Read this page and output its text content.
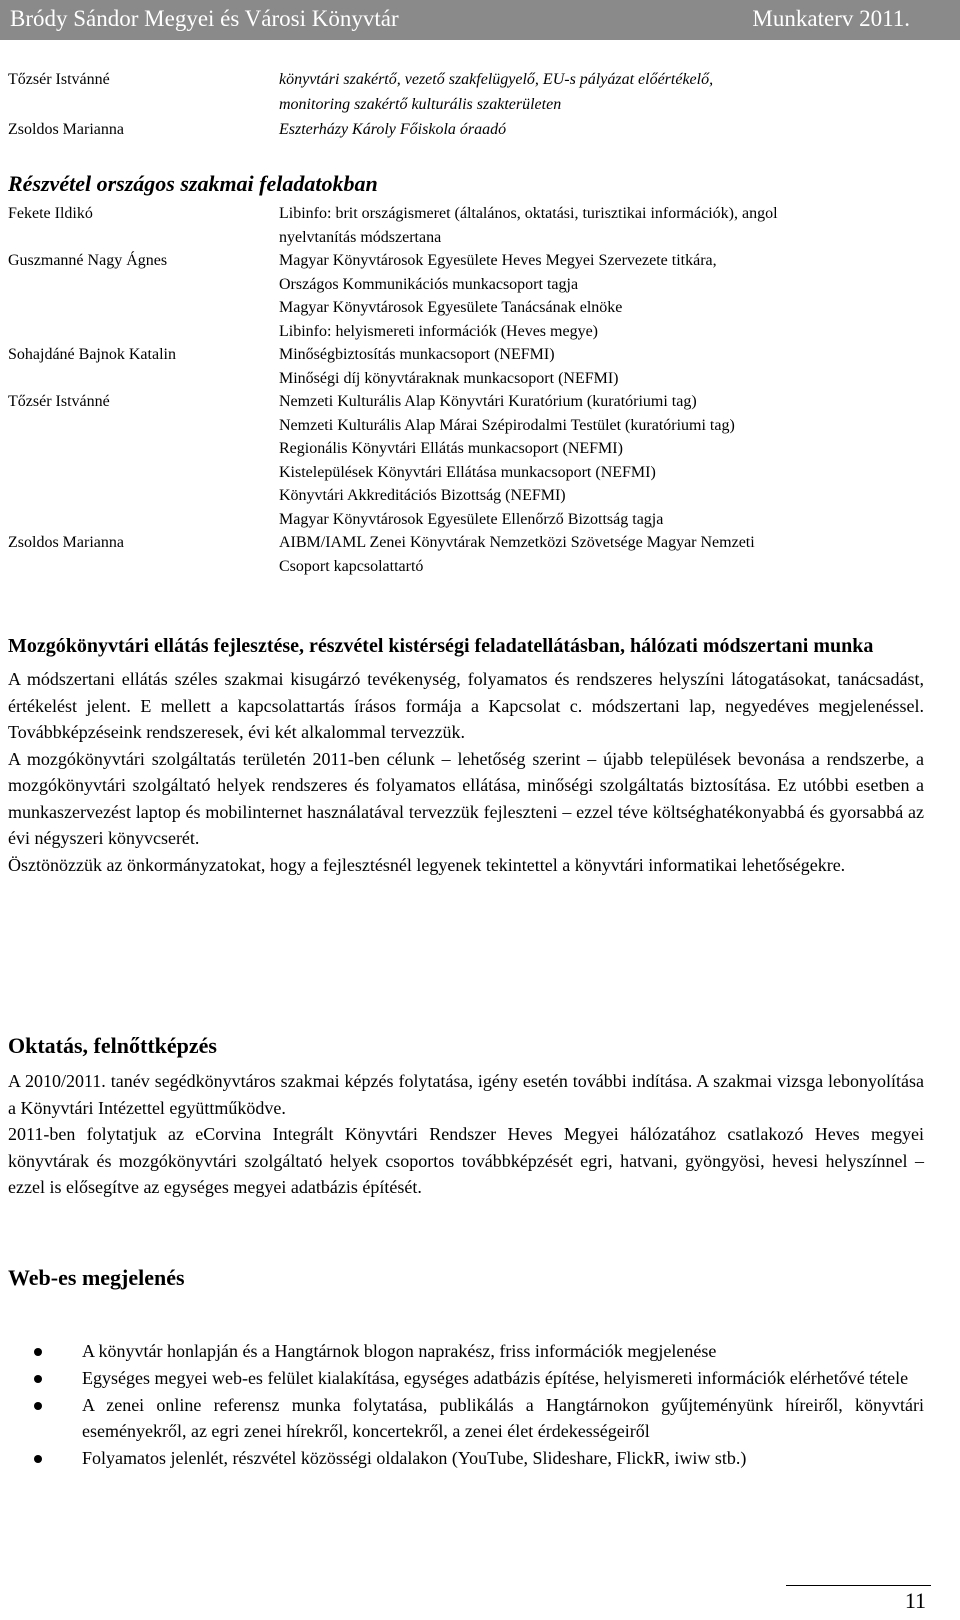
Bródy Sándor Megyei és Városi Könyvtár	Munkaterv 2011.
Tőzsér Istvánné
Zsoldos Marianna
könyvtári szakértő, vezető szakfelügyelő, EU-s pályázat előértékelő,
monitoring szakértő kulturális szakterületen
Eszterházy Károly Főiskola óraadó
Részvétel országos szakmai feladatokban
Fekete Ildikó
Guszmanné Nagy Ágnes
Sohajdáné Bajnok Katalin
Tőzsér Istvánné
Zsoldos Marianna
Libinfo: brit országismeret (általános, oktatási, turisztikai információk), angol
nyelvtanítás módszertana
Magyar Könyvtárosok Egyesülete Heves Megyei Szervezete titkára,
Országos Kommunikációs munkacsoport tagja
Magyar Könyvtárosok Egyesülete Tanácsának elnöke
Libinfo: helyismereti információk (Heves megye)
Minőségbiztosítás munkacsoport (NEFMI)
Minőségi díj könyvtáraknak munkacsoport (NEFMI)
Nemzeti Kulturális Alap Könyvtári Kuratórium (kuratóriumi tag)
Nemzeti Kulturális Alap Márai Szépirodalmi Testület (kuratóriumi tag)
Regionális Könyvtári Ellátás munkacsoport (NEFMI)
Kistelepülések Könyvtári Ellátása munkacsoport (NEFMI)
Könyvtári Akkreditációs Bizottság (NEFMI)
Magyar Könyvtárosok Egyesülete Ellenőrző Bizottság tagja
AIBM/IAML Zenei Könyvtárak Nemzetközi Szövetsége Magyar Nemzeti
Csoport kapcsolattartó

Mozgókönyvtári ellátás fejlesztése, részvétel kistérségi feladatellátásban, hálózati módszertani munka

A módszertani ellátás széles szakmai kisugárzó tevékenység, folyamatos és rendszeres helyszíni látogatásokat, tanácsadást, értékelést jelent. E mellett a kapcsolattartás írásos formája a Kapcsolat c. módszertani lap, negyedéves megjelenéssel. Továbbképzéseink rendszeresek, évi két alkalommal tervezzük.

A mozgókönyvtári szolgáltatás területén 2011-ben célunk – lehetőség szerint – újabb települések bevonása a rendszerbe, a mozgókönyvtári szolgáltató helyek rendszeres és folyamatos ellátása, minőségi szolgáltatás biztosítása. Ez utóbbi esetben a munkaszervezést laptop és mobilinternet használatával tervezzük fejleszteni – ezzel téve költséghatékonyabbá és gyorsabbá az évi négyszeri könyvcserét.

Ösztönözzük az önkormányzatokat, hogy a fejlesztésnél legyenek tekintettel a könyvtári informatikai lehetőségekre.

Oktatás, felnőttképzés

A 2010/2011. tanév segédkönyvtáros szakmai képzés folytatása, igény esetén további indítása. A szakmai vizsga lebonyolítása a Könyvtári Intézettel együttműködve.

2011-ben folytatjuk az eCorvina Integrált Könyvtári Rendszer Heves Megyei hálózatához csatlakozó Heves megyei könyvtárak és mozgókönyvtári szolgáltató helyek csoportos továbbképzését egri, hatvani, gyöngyösi, hevesi helyszínnel – ezzel is elősegítve az egységes megyei adatbázis építését.

Web-es megjelenés
A könyvtár honlapján és a Hangtárnok blogon naprakész, friss információk megjelenése
Egységes megyei web-es felület kialakítása, egységes adatbázis építése, helyismereti információk elérhetővé tétele
A zenei online referensz munka folytatása, publikálás a Hangtárnokon gyűjteményünk híreiről, könyvtári eseményekről, az egri zenei hírekről, koncertekről, a zenei élet érdekességeiről
Folyamatos jelenlét, részvétel közösségi oldalakon (YouTube, Slideshare, FlickR, iwiw stb.)
11
